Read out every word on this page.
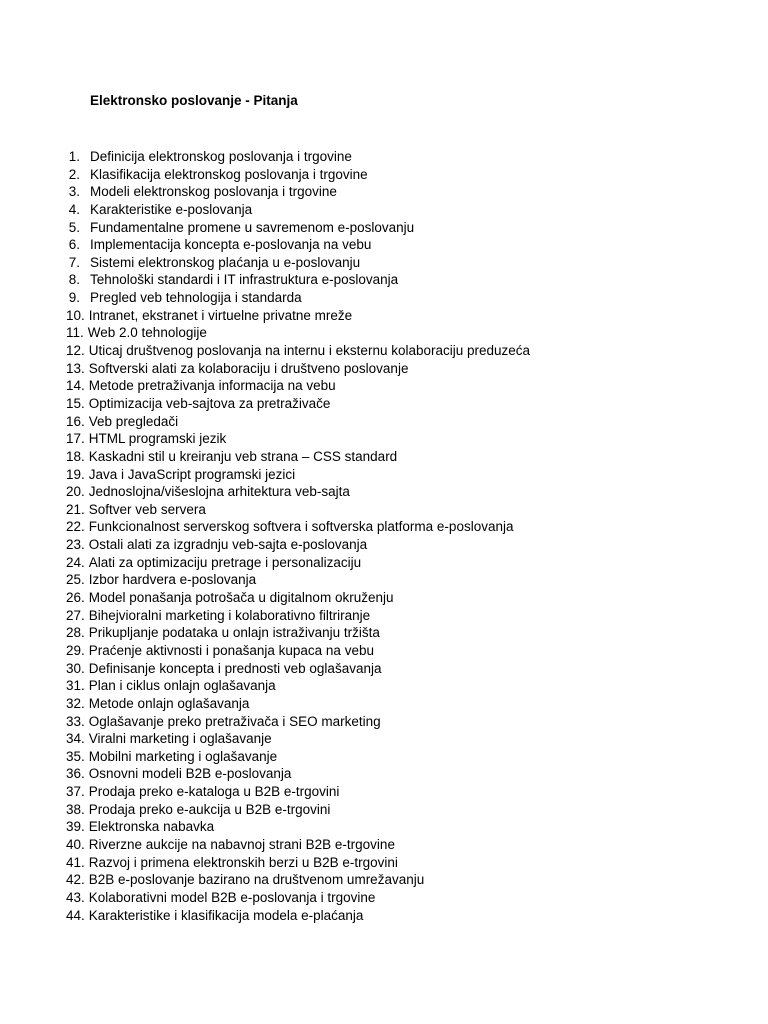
Elektronsko poslovanje - Pitanja
1. Definicija elektronskog poslovanja i trgovine
2. Klasifikacija elektronskog poslovanja i trgovine
3. Modeli elektronskog poslovanja i trgovine
4. Karakteristike e-poslovanja
5. Fundamentalne promene u savremenom e-poslovanju
6. Implementacija koncepta e-poslovanja na vebu
7. Sistemi elektronskog plaćanja u e-poslovanju
8. Tehnološki standardi i IT infrastruktura e-poslovanja
9. Pregled veb tehnologija i standarda
10. Intranet, ekstranet i virtuelne privatne mreže
11. Web 2.0 tehnologije
12. Uticaj društvenog poslovanja na internu i eksternu kolaboraciju preduzeća
13. Softverski alati za kolaboraciju i društveno poslovanje
14. Metode pretraživanja informacija na vebu
15. Optimizacija veb-sajtova za pretraživače
16. Veb pregledači
17. HTML programski jezik
18. Kaskadni stil u kreiranju veb strana – CSS standard
19. Java i JavaScript programski jezici
20. Jednoslojna/višeslojna arhitektura veb-sajta
21. Softver veb servera
22. Funkcionalnost serverskog softvera i softverska platforma e-poslovanja
23. Ostali alati za izgradnju veb-sajta e-poslovanja
24. Alati za optimizaciju pretrage i personalizaciju
25. Izbor hardvera e-poslovanja
26. Model ponašanja potrošača u digitalnom okruženju
27. Bihejvioralni marketing i kolaborativno filtriranje
28. Prikupljanje podataka u onlajn istraživanju tržišta
29. Praćenje aktivnosti i ponašanja kupaca na vebu
30. Definisanje koncepta i prednosti veb oglašavanja
31. Plan i ciklus onlajn oglašavanja
32. Metode onlajn oglašavanja
33. Oglašavanje preko pretraživača i SEO marketing
34. Viralni marketing i oglašavanje
35. Mobilni marketing i oglašavanje
36. Osnovni modeli B2B e-poslovanja
37. Prodaja preko e-kataloga u B2B e-trgovini
38. Prodaja preko e-aukcija u B2B e-trgovini
39. Elektronska nabavka
40. Riverzne aukcije na nabavnoj strani B2B e-trgovine
41. Razvoj i primena elektronskih berzi u B2B e-trgovini
42. B2B e-poslovanje bazirano na društvenom umrežavanju
43. Kolaborativni model B2B e-poslovanja i trgovine
44. Karakteristike i klasifikacija modela e-plaćanja
